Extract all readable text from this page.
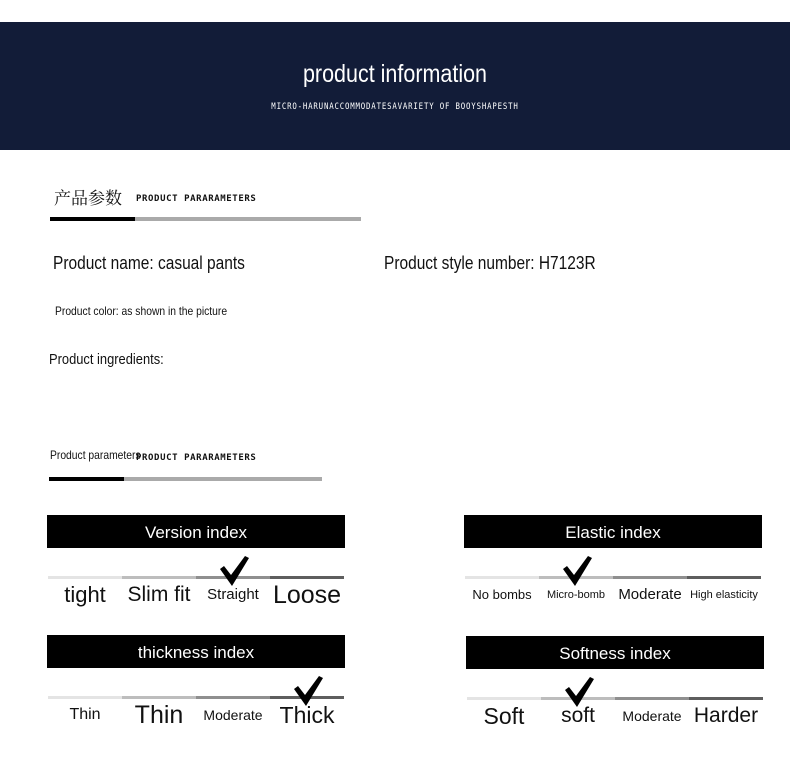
product information
MICRO-HARUNACCOMMODATESAVARIETY OF BOOYSHAPESTH
产品参数 PRODUCT PARARAMETERS
Product name: casual pants	Product style number: H7123R
Product color: as shown in the picture
Product ingredients:
Product parameters
PRODUCT PARARAMETERS
Version index
tight	Slim fit	Straight Loose
Elastic index
No bombs	Micro-bomb Moderate High elasticity
thickness index
Thin	Thin	Moderate Thick
Softness index
Soft	soft	Moderate Harder
